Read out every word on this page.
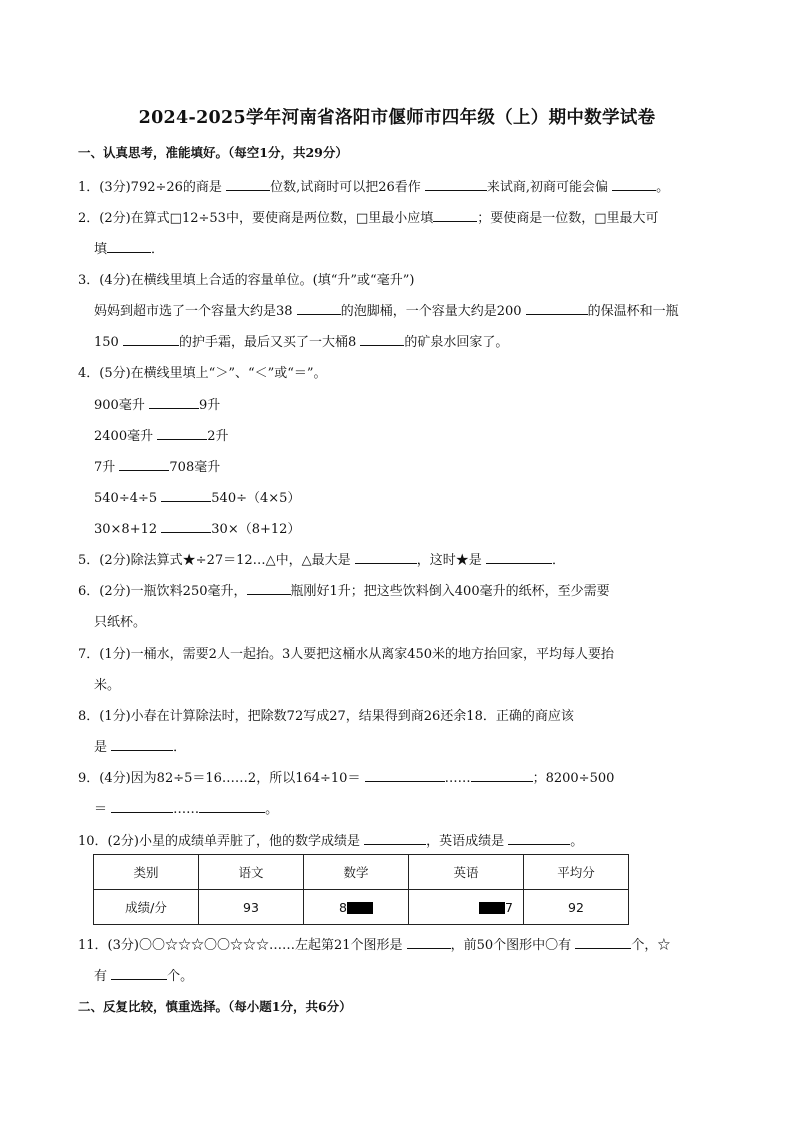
2024-2025学年河南省洛阳市偃师市四年级（上）期中数学试卷
一、认真思考，准能填好。（每空1分，共29分）
1．(3分)792÷26的商是	位数,试商时可以把26看作	来试商,初商可能会偏	。
2．(2分)在算式□12÷53中，要使商是两位数，□里最小应填	；要使商是一位数，□里最大可
填	．
3．(4分)在横线里填上合适的容量单位。(填“升”或“毫升”)
妈妈到超市选了一个容量大约是38	的泡脚桶，一个容量大约是200	的保温杯和一瓶
150	的护手霜，最后又买了一大桶8	的矿泉水回家了。
4．(5分)在横线里填上“＞”、“＜”或“＝”。
900毫升	9升
2400毫升	2升
7升	708毫升
540÷4÷5	540÷（4×5）
30×8+12	30×（8+12）
5．(2分)除法算式★÷27＝12…△中，△最大是	，这时★是	．
6．(2分)一瓶饮料250毫升，	瓶刚好1升；把这些饮料倒入400毫升的纸杯，至少需要
只纸杯。
7．(1分)一桶水，需要2人一起抬。3人要把这桶水从离家450米的地方抬回家，平均每人要抬
米。
8．(1分)小春在计算除法时，把除数72写成27，结果得到商26还余18．正确的商应该
是	．
9．(4分)因为82÷5＝16……2，所以164÷10＝	……	；8200÷500
＝	……	。
10．(2分)小星的成绩单弄脏了，他的数学成绩是	，英语成绩是	。
类别	语文	数学	英语	平均分
成绩/分	93	8	7	92
11．(3分)〇〇☆☆☆〇〇☆☆☆……左起第21个图形是	，前50个图形中〇有	个，☆
有	个。
二、反复比较，慎重选择。（每小题1分，共6分）
